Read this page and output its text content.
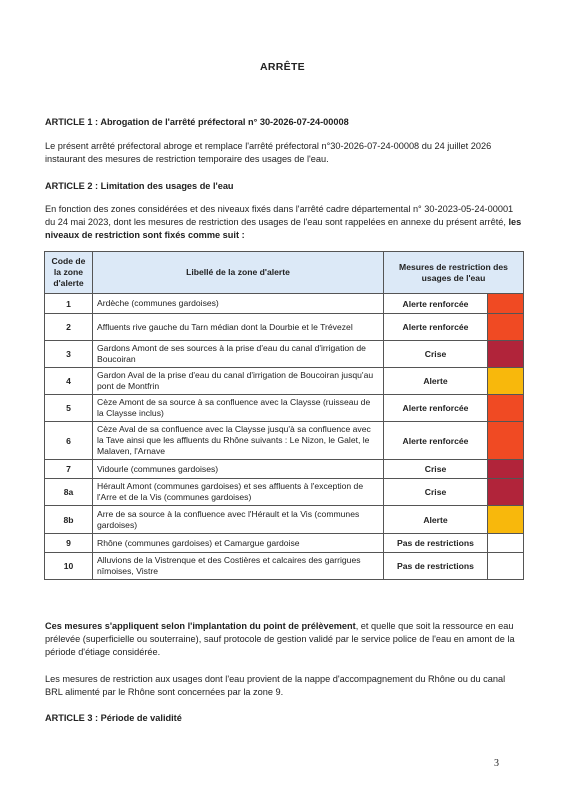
ARRÊTE
ARTICLE 1 : Abrogation de l'arrêté préfectoral n° 30-2026-07-24-00008

Le présent arrêté préfectoral abroge et remplace l'arrêté préfectoral n°30-2026-07-24-00008 du 24 juillet 2026 instaurant des mesures de restriction temporaire des usages de l'eau.

ARTICLE 2 : Limitation des usages de l'eau

En fonction des zones considérées et des niveaux fixés dans l'arrêté cadre départemental n° 30-2023-05-24-00001 du 24 mai 2023, dont les mesures de restriction des usages de l'eau sont rappelées en annexe du présent arrêté, les niveaux de restriction sont fixés comme suit :

Code de la zone d'alerte	Libellé de la zone d'alerte	Mesures de restriction des usages de l'eau	
1	Ardèche (communes gardoises)	Alerte renforcée	
2	Affluents rive gauche du Tarn médian dont la Dourbie et le Trévezel	Alerte renforcée	
3	Gardons Amont de ses sources à la prise d'eau du canal d'irrigation de Boucoiran	Crise	
4	Gardon Aval de la prise d'eau du canal d'irrigation de Boucoiran jusqu'au pont de Montfrin	Alerte	
5	Cèze Amont de sa source à sa confluence avec la Claysse (ruisseau de la Claysse inclus)	Alerte renforcée	
6	Cèze Aval de sa confluence avec la Claysse jusqu'à sa confluence avec la Tave ainsi que les affluents du Rhône suivants : Le Nizon, le Galet, le Malaven, l'Arnave	Alerte renforcée	
7	Vidourle (communes gardoises)	Crise	
8a	Hérault Amont (communes gardoises) et ses affluents à l'exception de l'Arre et de la Vis (communes gardoises)	Crise	
8b	Arre de sa source à la confluence avec l'Hérault et la Vis (communes gardoises)	Alerte	
9	Rhône (communes gardoises) et Camargue gardoise	Pas de restrictions	
10	Alluvions de la Vistrenque et des Costières et calcaires des garrigues nîmoises, Vistre	Pas de restrictions	

Ces mesures s'appliquent selon l'implantation du point de prélèvement, et quelle que soit la ressource en eau prélevée (superficielle ou souterraine), sauf protocole de gestion validé par le service police de l'eau en amont de la période d'étiage considérée.

Les mesures de restriction aux usages dont l'eau provient de la nappe d'accompagnement du Rhône ou du canal BRL alimenté par le Rhône sont concernées par la zone 9.

ARTICLE 3 : Période de validité
3
